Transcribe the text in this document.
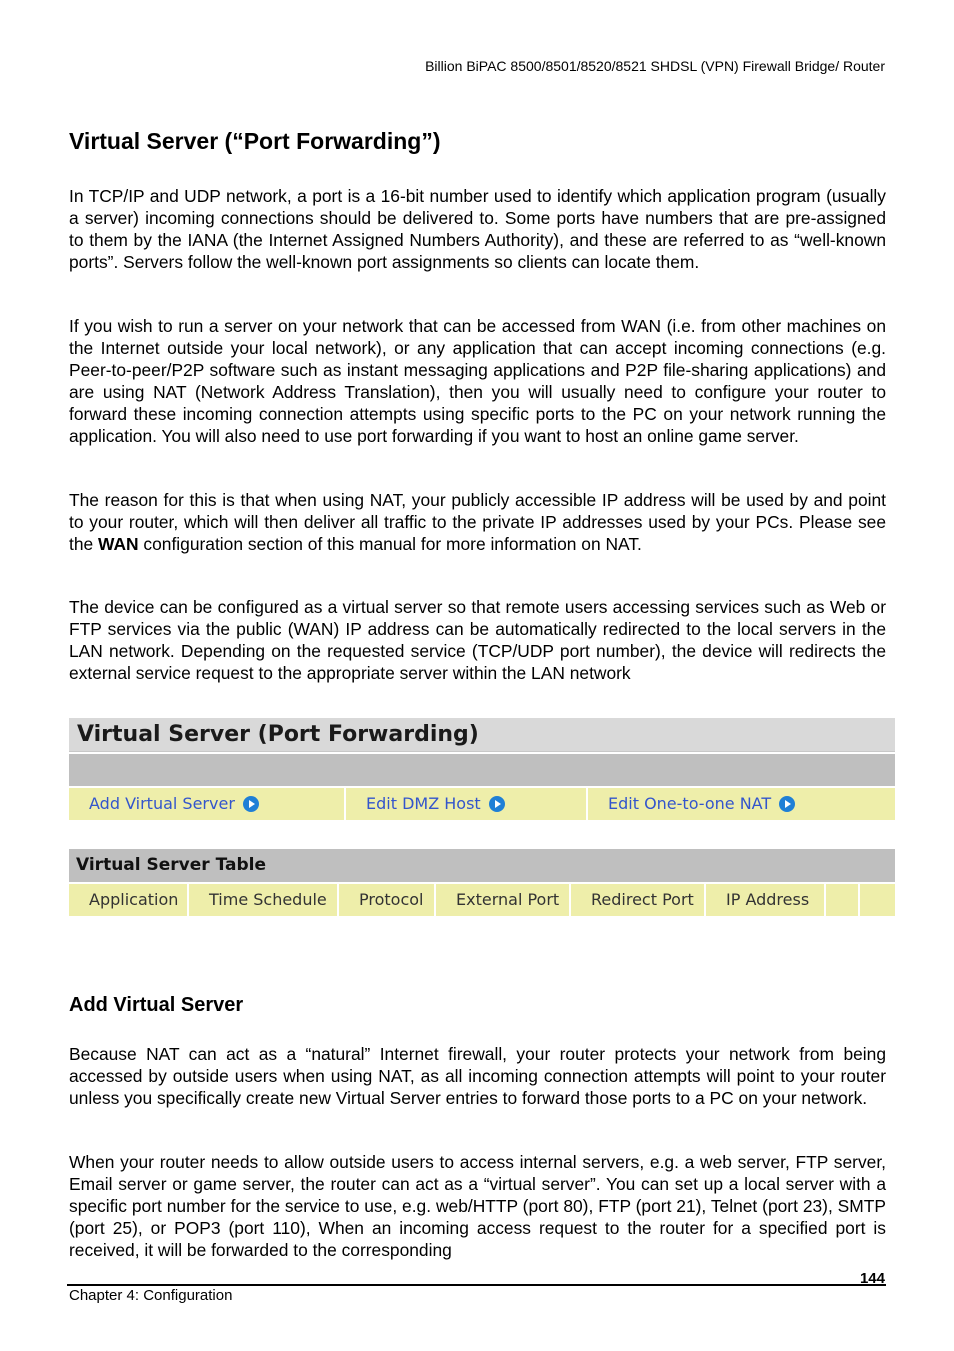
Billion BiPAC 8500/8501/8520/8521 SHDSL (VPN) Firewall Bridge/ Router
Virtual Server (“Port Forwarding”)

In TCP/IP and UDP network, a port is a 16-bit number used to identify which application program (usually a server) incoming connections should be delivered to. Some ports have numbers that are pre-assigned to them by the IANA (the Internet Assigned Numbers Authority), and these are referred to as “well-known ports”. Servers follow the well-known port assignments so clients can locate them.

If you wish to run a server on your network that can be accessed from WAN (i.e. from other machines on the Internet outside your local network), or any application that can accept incoming connections (e.g. Peer-to-peer/P2P software such as instant messaging applications and P2P file-sharing applications) and are using NAT (Network Address Translation), then you will usually need to configure your router to forward these incoming connection attempts using specific ports to the PC on your network running the application. You will also need to use port forwarding if you want to host an online game server.

The reason for this is that when using NAT, your publicly accessible IP address will be used by and point to your router, which will then deliver all traffic to the private IP addresses used by your PCs. Please see the WAN configuration section of this manual for more information on NAT.

The device can be configured as a virtual server so that remote users accessing services such as Web or FTP services via the public (WAN) IP address can be automatically redirected to the local servers in the LAN network. Depending on the requested service (TCP/UDP port number), the device will redirects the external service request to the appropriate server within the LAN network

Add Virtual Server

Because NAT can act as a “natural” Internet firewall, your router protects your network from being accessed by outside users when using NAT, as all incoming connection attempts will point to your router unless you specifically create new Virtual Server entries to forward those ports to a PC on your network.

When your router needs to allow outside users to access internal servers, e.g. a web server, FTP server, Email server or game server, the router can act as a “virtual server”. You can set up a local server with a specific port number for the service to use, e.g. web/HTTP (port 80), FTP (port 21), Telnet (port 23), SMTP (port 25), or POP3 (port 110), When an incoming access request to the router for a specified port is received, it will be forwarded to the corresponding

Virtual Server (Port Forwarding)
Add Virtual Server	Edit DMZ Host	Edit One-to-one NAT
Virtual Server Table
Application	Time Schedule	Protocol	External Port	Redirect Port	IP Address
144
Chapter 4: Configuration
